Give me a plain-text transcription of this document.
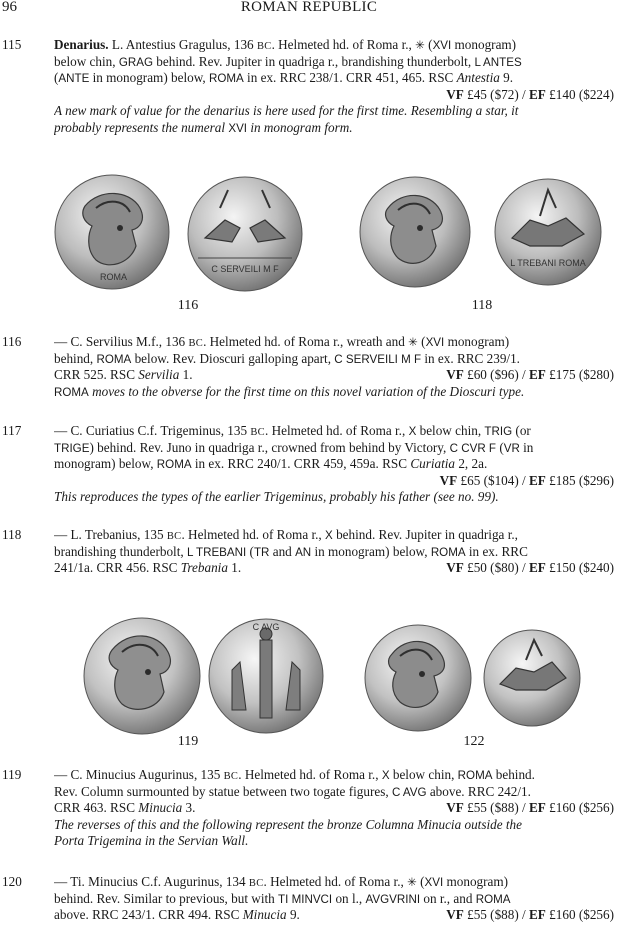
96	ROMAN REPUBLIC
115 Denarius. L. Antestius Gragulus, 136 BC. Helmeted hd. of Roma r., ✳ (XVI monogram)
below chin, GRAG behind. Rev. Jupiter in quadriga r., brandishing thunderbolt, L ANTES
(ANTE in monogram) below, ROMA in ex. RRC 238/1. CRR 451, 465. RSC Antestia 9.
VF £45 ($72) / EF £140 ($224)
A new mark of value for the denarius is here used for the first time. Resembling a star, it
probably represents the numeral XVI in monogram form.
116 — C. Servilius M.f., 136 BC. Helmeted hd. of Roma r., wreath and ✳ (XVI monogram)
behind, ROMA below. Rev. Dioscuri galloping apart, C SERVEILI M F in ex. RRC 239/1.
CRR 525. RSC Servilia 1.	VF £60 ($96) / EF £175 ($280)
ROMA moves to the obverse for the first time on this novel variation of the Dioscuri type.
117 — C. Curiatius C.f. Trigeminus, 135 BC. Helmeted hd. of Roma r., X below chin, TRIG (or
TRIGE) behind. Rev. Juno in quadriga r., crowned from behind by Victory, C CVR F (VR in
monogram) below, ROMA in ex. RRC 240/1. CRR 459, 459a. RSC Curiatia 2, 2a.
VF £65 ($104) / EF £185 ($296)
This reproduces the types of the earlier Trigeminus, probably his father (see no. 99).
118 — L. Trebanius, 135 BC. Helmeted hd. of Roma r., X behind. Rev. Jupiter in quadriga r.,
brandishing thunderbolt, L TREBANI (TR and AN in monogram) below, ROMA in ex. RRC
241/1a. CRR 456. RSC Trebania 1.	VF £50 ($80) / EF £150 ($240)
119 — C. Minucius Augurinus, 135 BC. Helmeted hd. of Roma r., X below chin, ROMA behind.
Rev. Column surmounted by statue between two togate figures, C AVG above. RRC 242/1.
CRR 463. RSC Minucia 3.	VF £55 ($88) / EF £160 ($256)
The reverses of this and the following represent the bronze Columna Minucia outside the
Porta Trigemina in the Servian Wall.
120 — Ti. Minucius C.f. Augurinus, 134 BC. Helmeted hd. of Roma r., ✳ (XVI monogram)
behind. Rev. Similar to previous, but with TI MINVCI on l., AVGVRINI on r., and ROMA
above. RRC 243/1. CRR 494. RSC Minucia 9.	VF £55 ($88) / EF £160 ($256)
ROMA
C SERVEILI M F
L TREBANI ROMA
116	118
C AVG
119	122
